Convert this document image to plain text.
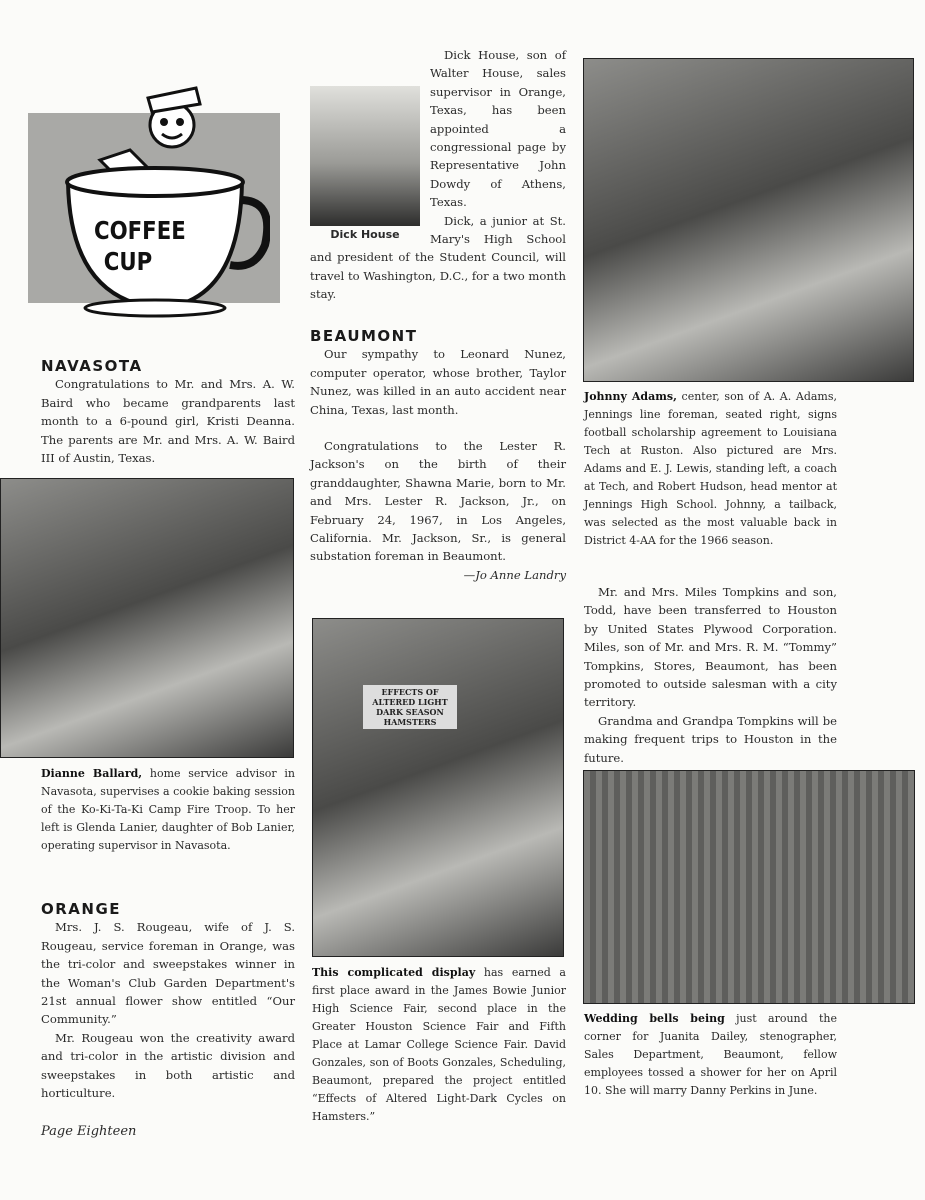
COFFEE
CUP
NAVASOTA

Congratulations to Mr. and Mrs. A. W. Baird who became grandparents last month to a 6-pound girl, Kristi Deanna. The parents are Mr. and Mrs. A. W. Baird III of Austin, Texas.

Dianne Ballard, home service advisor in Navasota, supervises a cookie baking session of the Ko-Ki-Ta-Ki Camp Fire Troop. To her left is Glenda Lanier, daughter of Bob Lanier, operating supervisor in Navasota.
ORANGE

Mrs. J. S. Rougeau, wife of J. S. Rougeau, service foreman in Orange, was the tri-color and sweepstakes winner in the Woman's Club Garden Department's 21st annual flower show entitled “Our Community.”

Mr. Rougeau won the creativity award and tri-color in the artistic division and sweepstakes in both artistic and horticulture.

Page Eighteen
Dick House

Dick House, son of Walter House, sales supervisor in Orange, Texas, has been appointed a congressional page by Representative John Dowdy of Athens, Texas.

Dick, a junior at St. Mary's High School and president of the Student Council, will travel to Washington, D.C., for a two month stay.

BEAUMONT

Our sympathy to Leonard Nunez, computer operator, whose brother, Taylor Nunez, was killed in an auto accident near China, Texas, last month.

Congratulations to the Lester R. Jackson's on the birth of their granddaughter, Shawna Marie, born to Mr. and Mrs. Lester R. Jackson, Jr., on February 24, 1967, in Los Angeles, California. Mr. Jackson, Sr., is general substation foreman in Beaumont.

—Jo Anne Landry
EFFECTS OF ALTERED LIGHT DARK SEASON HAMSTERS
This complicated display has earned a first place award in the James Bowie Junior High Science Fair, second place in the Greater Houston Science Fair and Fifth Place at Lamar College Science Fair. David Gonzales, son of Boots Gonzales, Scheduling, Beaumont, prepared the project entitled “Effects of Altered Light-Dark Cycles on Hamsters.”
Johnny Adams, center, son of A. A. Adams, Jennings line foreman, seated right, signs football scholarship agreement to Louisiana Tech at Ruston. Also pictured are Mrs. Adams and E. J. Lewis, standing left, a coach at Tech, and Robert Hudson, head mentor at Jennings High School. Johnny, a tailback, was selected as the most valuable back in District 4-AA for the 1966 season.

Mr. and Mrs. Miles Tompkins and son, Todd, have been transferred to Houston by United States Plywood Corporation. Miles, son of Mr. and Mrs. R. M. “Tommy” Tompkins, Stores, Beaumont, has been promoted to outside salesman with a city territory.

Grandma and Grandpa Tompkins will be making frequent trips to Houston in the future.

Wedding bells being just around the corner for Juanita Dailey, stenographer, Sales Department, Beaumont, fellow employees tossed a shower for her on April 10. She will marry Danny Perkins in June.
